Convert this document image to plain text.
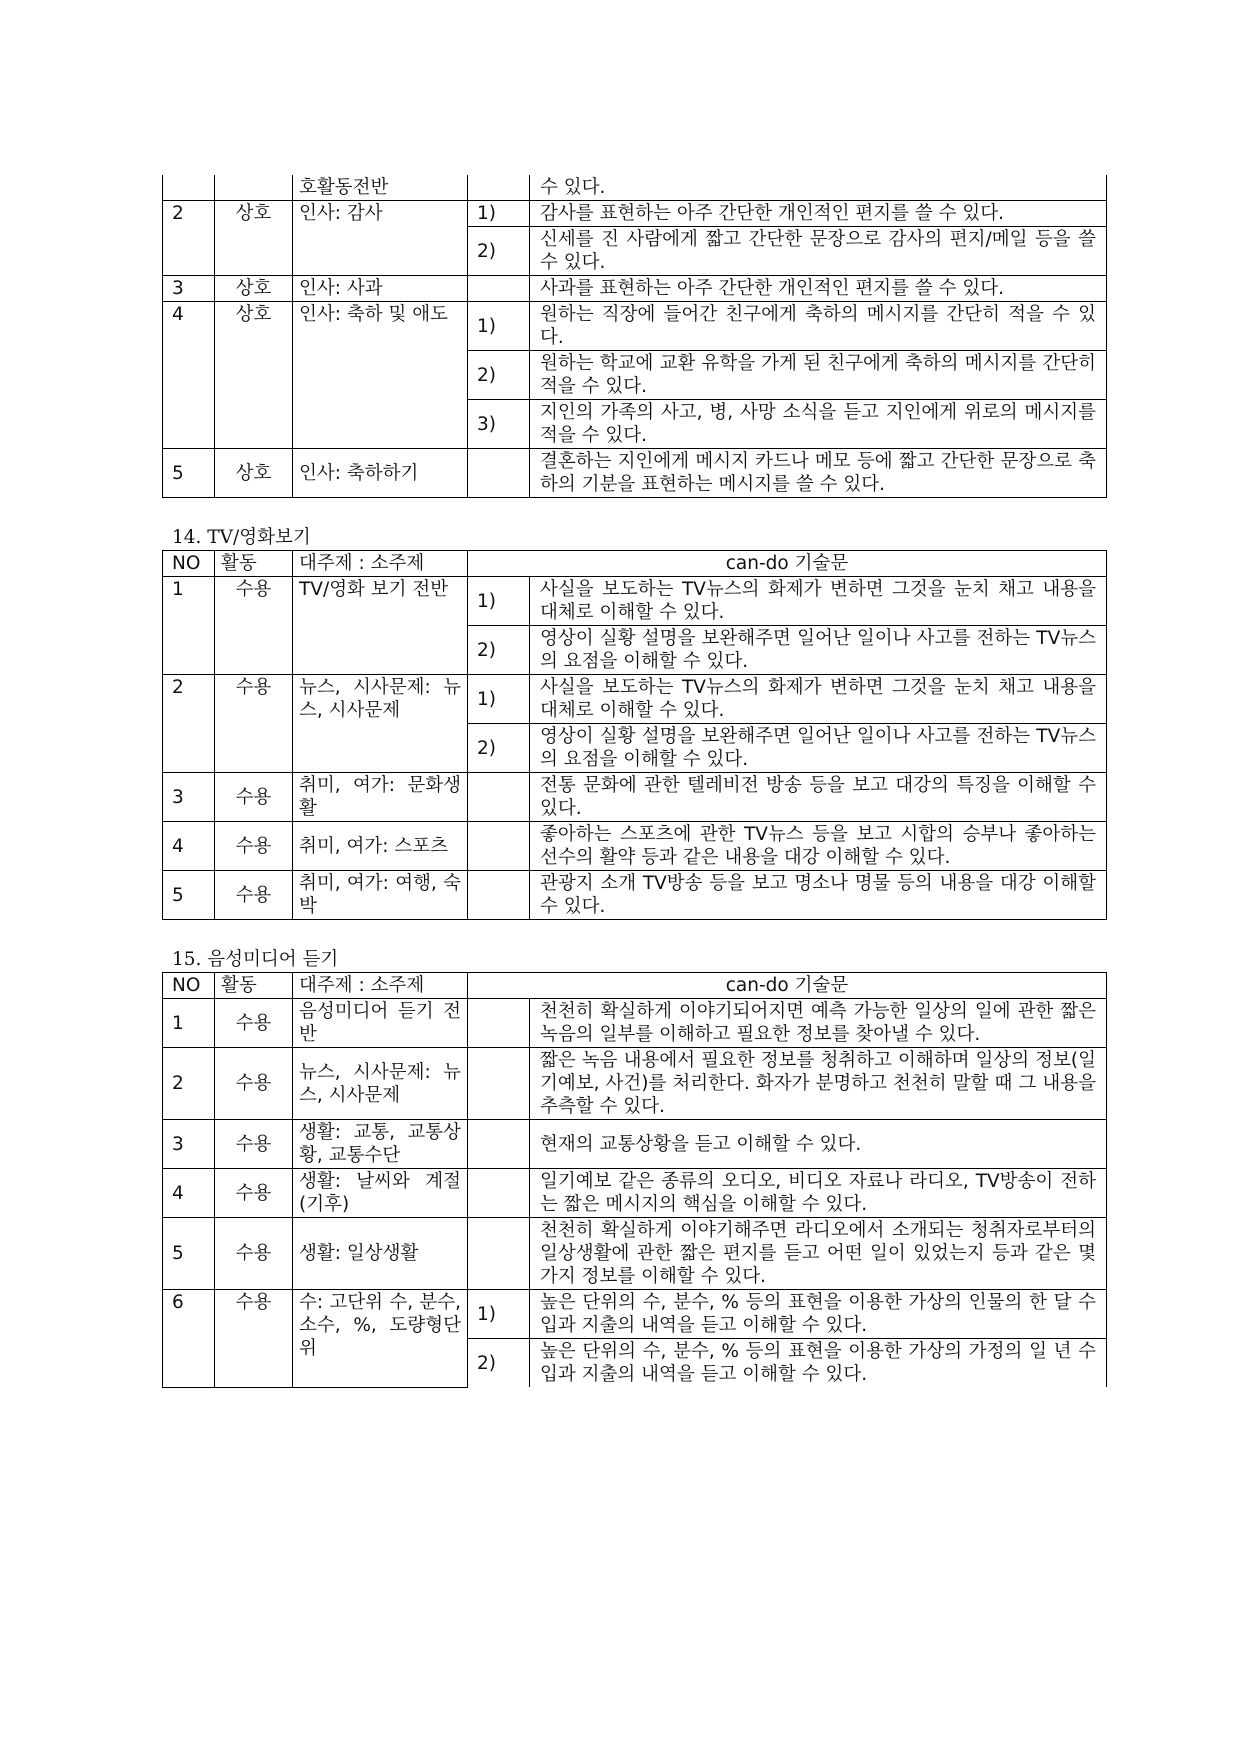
		호활동전반		수 있다.
2	상호	인사: 감사	1)	감사를 표현하는 아주 간단한 개인적인 편지를 쓸 수 있다.
			2)	신세를 진 사람에게 짧고 간단한 문장으로 감사의 편지/메일 등을 쓸 수 있다.
3	상호	인사: 사과		사과를 표현하는 아주 간단한 개인적인 편지를 쓸 수 있다.
4	상호	인사: 축하 및 애도	1)	원하는 직장에 들어간 친구에게 축하의 메시지를 간단히 적을 수 있다.
			2)	원하는 학교에 교환 유학을 가게 된 친구에게 축하의 메시지를 간단히 적을 수 있다.
			3)	지인의 가족의 사고, 병, 사망 소식을 듣고 지인에게 위로의 메시지를 적을 수 있다.
5	상호	인사: 축하하기		결혼하는 지인에게 메시지 카드나 메모 등에 짧고 간단한 문장으로 축하의 기분을 표현하는 메시지를 쓸 수 있다.
14. TV/영화보기
NO	활동	대주제 : 소주제	can-do 기술문	
1	수용	TV/영화 보기 전반	1)	사실을 보도하는 TV뉴스의 화제가 변하면 그것을 눈치 채고 내용을 대체로 이해할 수 있다.
			2)	영상이 실황 설명을 보완해주면 일어난 일이나 사고를 전하는 TV뉴스의 요점을 이해할 수 있다.
2	수용	뉴스, 시사문제: 뉴스, 시사문제	1)	사실을 보도하는 TV뉴스의 화제가 변하면 그것을 눈치 채고 내용을 대체로 이해할 수 있다.
			2)	영상이 실황 설명을 보완해주면 일어난 일이나 사고를 전하는 TV뉴스의 요점을 이해할 수 있다.
3	수용	취미, 여가: 문화생활		전통 문화에 관한 텔레비전 방송 등을 보고 대강의 특징을 이해할 수 있다.
4	수용	취미, 여가: 스포츠		좋아하는 스포츠에 관한 TV뉴스 등을 보고 시합의 승부나 좋아하는 선수의 활약 등과 같은 내용을 대강 이해할 수 있다.
5	수용	취미, 여가: 여행, 숙박		관광지 소개 TV방송 등을 보고 명소나 명물 등의 내용을 대강 이해할 수 있다.
15. 음성미디어 듣기
NO	활동	대주제 : 소주제	can-do 기술문	
1	수용	음성미디어 듣기 전반		천천히 확실하게 이야기되어지면 예측 가능한 일상의 일에 관한 짧은 녹음의 일부를 이해하고 필요한 정보를 찾아낼 수 있다.
2	수용	뉴스, 시사문제: 뉴스, 시사문제		짧은 녹음 내용에서 필요한 정보를 청취하고 이해하며 일상의 정보(일기예보, 사건)를 처리한다. 화자가 분명하고 천천히 말할 때 그 내용을 추측할 수 있다.
3	수용	생활: 교통, 교통상황, 교통수단		현재의 교통상황을 듣고 이해할 수 있다.
4	수용	생활: 날씨와 계절(기후)		일기예보 같은 종류의 오디오, 비디오 자료나 라디오, TV방송이 전하는 짧은 메시지의 핵심을 이해할 수 있다.
5	수용	생활: 일상생활		천천히 확실하게 이야기해주면 라디오에서 소개되는 청취자로부터의 일상생활에 관한 짧은 편지를 듣고 어떤 일이 있었는지 등과 같은 몇 가지 정보를 이해할 수 있다.
6	수용	수: 고단위 수, 분수, 소수, %, 도량형단위	1)	높은 단위의 수, 분수, % 등의 표현을 이용한 가상의 인물의 한 달 수입과 지출의 내역을 듣고 이해할 수 있다.
			2)	높은 단위의 수, 분수, % 등의 표현을 이용한 가상의 가정의 일 년 수입과 지출의 내역을 듣고 이해할 수 있다.
